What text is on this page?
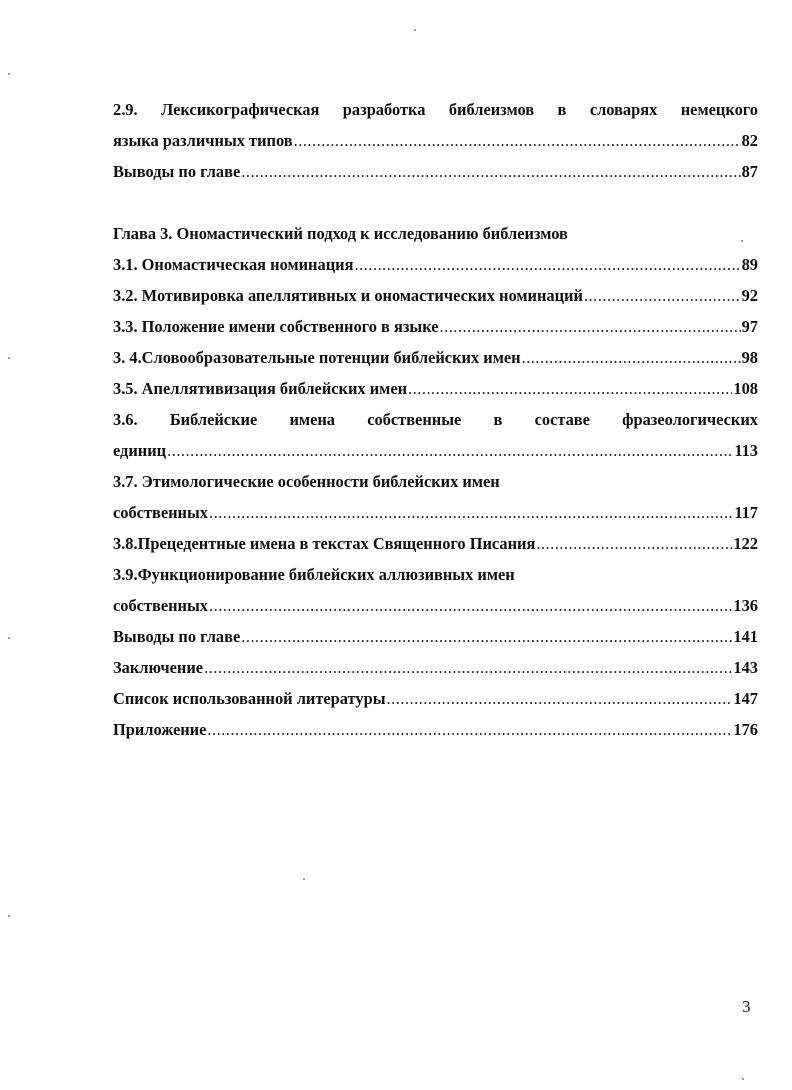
2.9. Лексикографическая разработка библеизмов в словарях немецкого
языка различных типов .....	82
Выводы по главе .....	87
Глава 3. Ономастический подход к исследованию библеизмов
3.1. Ономастическая номинация .....	89
3.2. Мотивировка апеллятивных и ономастических номинаций .....	92
3.3. Положение имени собственного в языке .....	97
3. 4.Словообразовательные потенции библейских имен .....	98
3.5. Апеллятивизация библейских имен .....	108
3.6. Библейские имена собственные в составе фразеологических
единиц .....	113
3.7. Этимологические особенности библейских имен
собственных .....	117
3.8.Прецедентные имена в текстах Священного Писания .....	122
3.9.Функционирование библейских аллюзивных имен
собственных .....	136
Выводы по главе .....	141
Заключение .....	143
Список использованной литературы .....	147
Приложение .....	176
3
